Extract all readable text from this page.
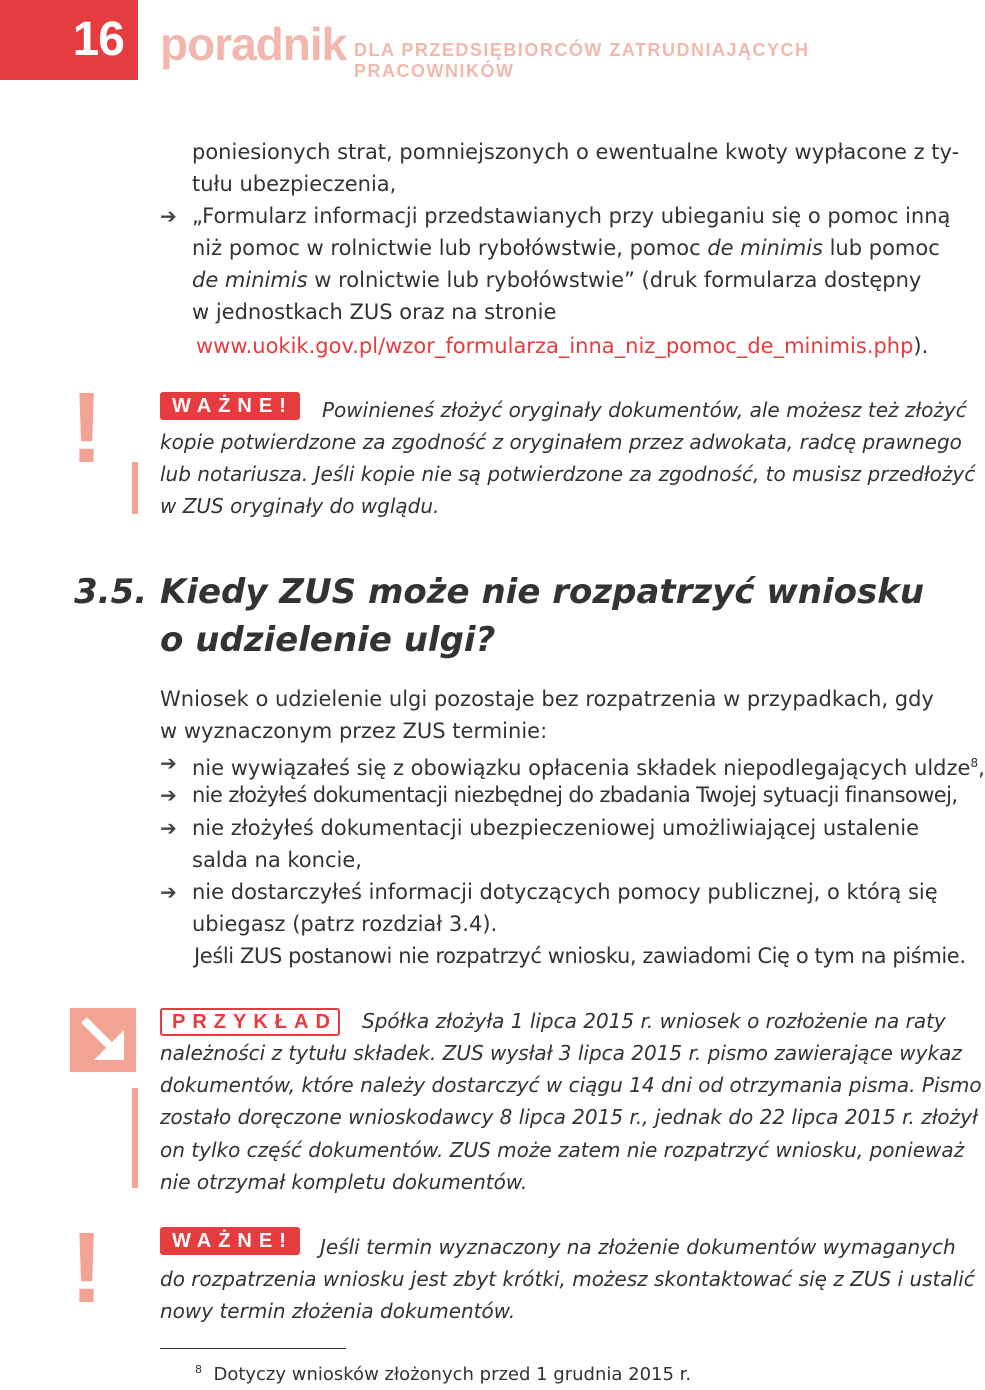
16 poradnik DLA PRZEDSIĘBIORCÓW ZATRUDNIAJĄCYCH PRACOWNIKÓW
poniesionych strat, pomniejszonych o ewentualne kwoty wypłacone z ty-
tułu ubezpieczenia,
➔ „Formularz informacji przedstawianych przy ubieganiu się o pomoc inną
niż pomoc w rolnictwie lub rybołówstwie, pomoc de minimis lub pomoc
de minimis w rolnictwie lub rybołówstwie” (druk formularza dostępny
w jednostkach ZUS oraz na stronie
www.uokik.gov.pl/wzor_formularza_inna_niz_pomoc_de_minimis.php).
!	WAŻNE!	Powinieneś złożyć oryginały dokumentów, ale możesz też złożyć
kopie potwierdzone za zgodność z oryginałem przez adwokata, radcę prawnego
lub notariusza. Jeśli kopie nie są potwierdzone za zgodność, to musisz przedłożyć
w ZUS oryginały do wglądu.
3.5. Kiedy ZUS może nie rozpatrzyć wniosku
o udzielenie ulgi?
Wniosek o udzielenie ulgi pozostaje bez rozpatrzenia w przypadkach, gdy
w wyznaczonym przez ZUS terminie:
➔ nie wywiązałeś się z obowiązku opłacenia składek niepodlegających uldze$^8$,
➔ nie złożyłeś dokumentacji niezbędnej do zbadania Twojej sytuacji finansowej,
➔ nie złożyłeś dokumentacji ubezpieczeniowej umożliwiającej ustalenie
salda na koncie,
➔ nie dostarczyłeś informacji dotyczących pomocy publicznej, o którą się
ubiegasz (patrz rozdział 3.4).
Jeśli ZUS postanowi nie rozpatrzyć wniosku, zawiadomi Cię o tym na piśmie.
PRZYKŁAD Spółka złożyła 1 lipca 2015 r. wniosek o rozłożenie na raty
należności z tytułu składek. ZUS wysłał 3 lipca 2015 r. pismo zawierające wykaz
dokumentów, które należy dostarczyć w ciągu 14 dni od otrzymania pisma. Pismo
zostało doręczone wnioskodawcy 8 lipca 2015 r., jednak do 22 lipca 2015 r. złożył
on tylko część dokumentów. ZUS może zatem nie rozpatrzyć wniosku, ponieważ
nie otrzymał kompletu dokumentów.
!	WAŻNE!	Jeśli termin wyznaczony na złożenie dokumentów wymaganych
do rozpatrzenia wniosku jest zbyt krótki, możesz skontaktować się z ZUS i ustalić
nowy termin złożenia dokumentów.
$^8$ Dotyczy wniosków złożonych przed 1 grudnia 2015 r.
